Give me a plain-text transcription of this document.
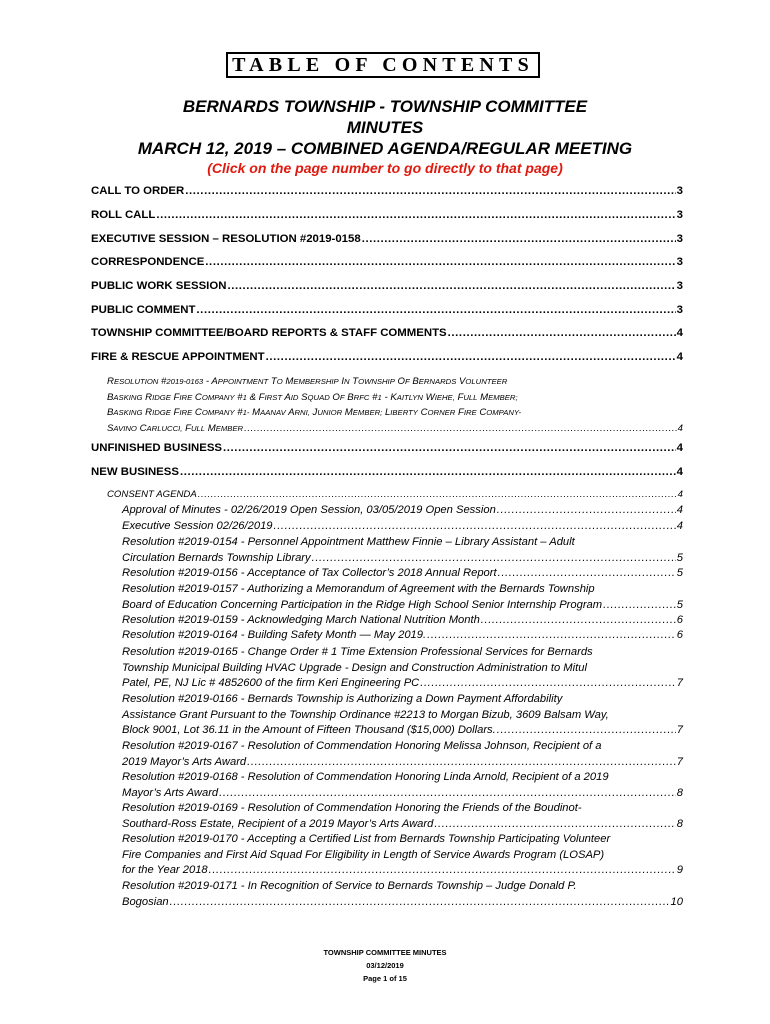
TABLE OF CONTENTS
BERNARDS TOWNSHIP - TOWNSHIP COMMITTEE
MINUTES
MARCH 12, 2019 – COMBINED AGENDA/REGULAR MEETING
(Click on the page number to go directly to that page)
CALL TO ORDER .....	3
ROLL CALL .....	3
EXECUTIVE SESSION – RESOLUTION #2019-0158 .....	3
CORRESPONDENCE .....	3
PUBLIC WORK SESSION .....	3
PUBLIC COMMENT .....	3
TOWNSHIP COMMITTEE/BOARD REPORTS & STAFF COMMENTS .....	4
FIRE & RESCUE APPOINTMENT .....	4
RESOLUTION #2019-0163 - APPOINTMENT TO MEMBERSHIP IN TOWNSHIP OF BERNARDS VOLUNTEER
BASKING RIDGE FIRE COMPANY #1 & FIRST AID SQUAD OF BRFC #1 - KAITLYN WIEHE, FULL MEMBER;
BASKING RIDGE FIRE COMPANY #1- MAANAV ARNI, JUNIOR MEMBER; LIBERTY CORNER FIRE COMPANY-
SAVINO CARLUCCI, FULL MEMBER .....	4
UNFINISHED BUSINESS .....	4
NEW BUSINESS .....	4
CONSENT AGENDA .....	4
Approval of Minutes - 02/26/2019 Open Session, 03/05/2019 Open Session .....	4
Executive Session 02/26/2019 .....	4
Resolution #2019-0154 - Personnel Appointment Matthew Finnie – Library Assistant – Adult
Circulation Bernards Township Library .....	5
Resolution #2019-0156 - Acceptance of Tax Collector’s 2018 Annual Report .....	5
Resolution #2019-0157 - Authorizing a Memorandum of Agreement with the Bernards Township
Board of Education Concerning Participation in the Ridge High School Senior Internship Program .....	5
Resolution #2019-0159 - Acknowledging March National Nutrition Month .....	6
Resolution #2019-0164 - Building Safety Month — May 2019. .....	6
Resolution #2019-0165 - Change Order # 1 Time Extension Professional Services for Bernards
Township Municipal Building HVAC Upgrade - Design and Construction Administration to Mitul
Patel, PE, NJ Lic # 4852600 of the firm Keri Engineering PC .....	7
Resolution #2019-0166 - Bernards Township is Authorizing a Down Payment Affordability
Assistance Grant Pursuant to the Township Ordinance #2213 to Morgan Bizub, 3609 Balsam Way,
Block 9001, Lot 36.11 in the Amount of Fifteen Thousand ($15,000) Dollars. .....	7
Resolution #2019-0167 - Resolution of Commendation Honoring Melissa Johnson, Recipient of a
2019 Mayor’s Arts Award .....	7
Resolution #2019-0168 - Resolution of Commendation Honoring Linda Arnold, Recipient of a 2019
Mayor’s Arts Award .....	8
Resolution #2019-0169 - Resolution of Commendation Honoring the Friends of the Boudinot-
Southard-Ross Estate, Recipient of a 2019 Mayor’s Arts Award .....	8
Resolution #2019-0170 - Accepting a Certified List from Bernards Township Participating Volunteer
Fire Companies and First Aid Squad For Eligibility in Length of Service Awards Program (LOSAP)
for the Year 2018 .....	9
Resolution #2019-0171 - In Recognition of Service to Bernards Township – Judge Donald P.
Bogosian .....	10
TOWNSHIP COMMITTEE MINUTES
03/12/2019
Page 1 of 15
